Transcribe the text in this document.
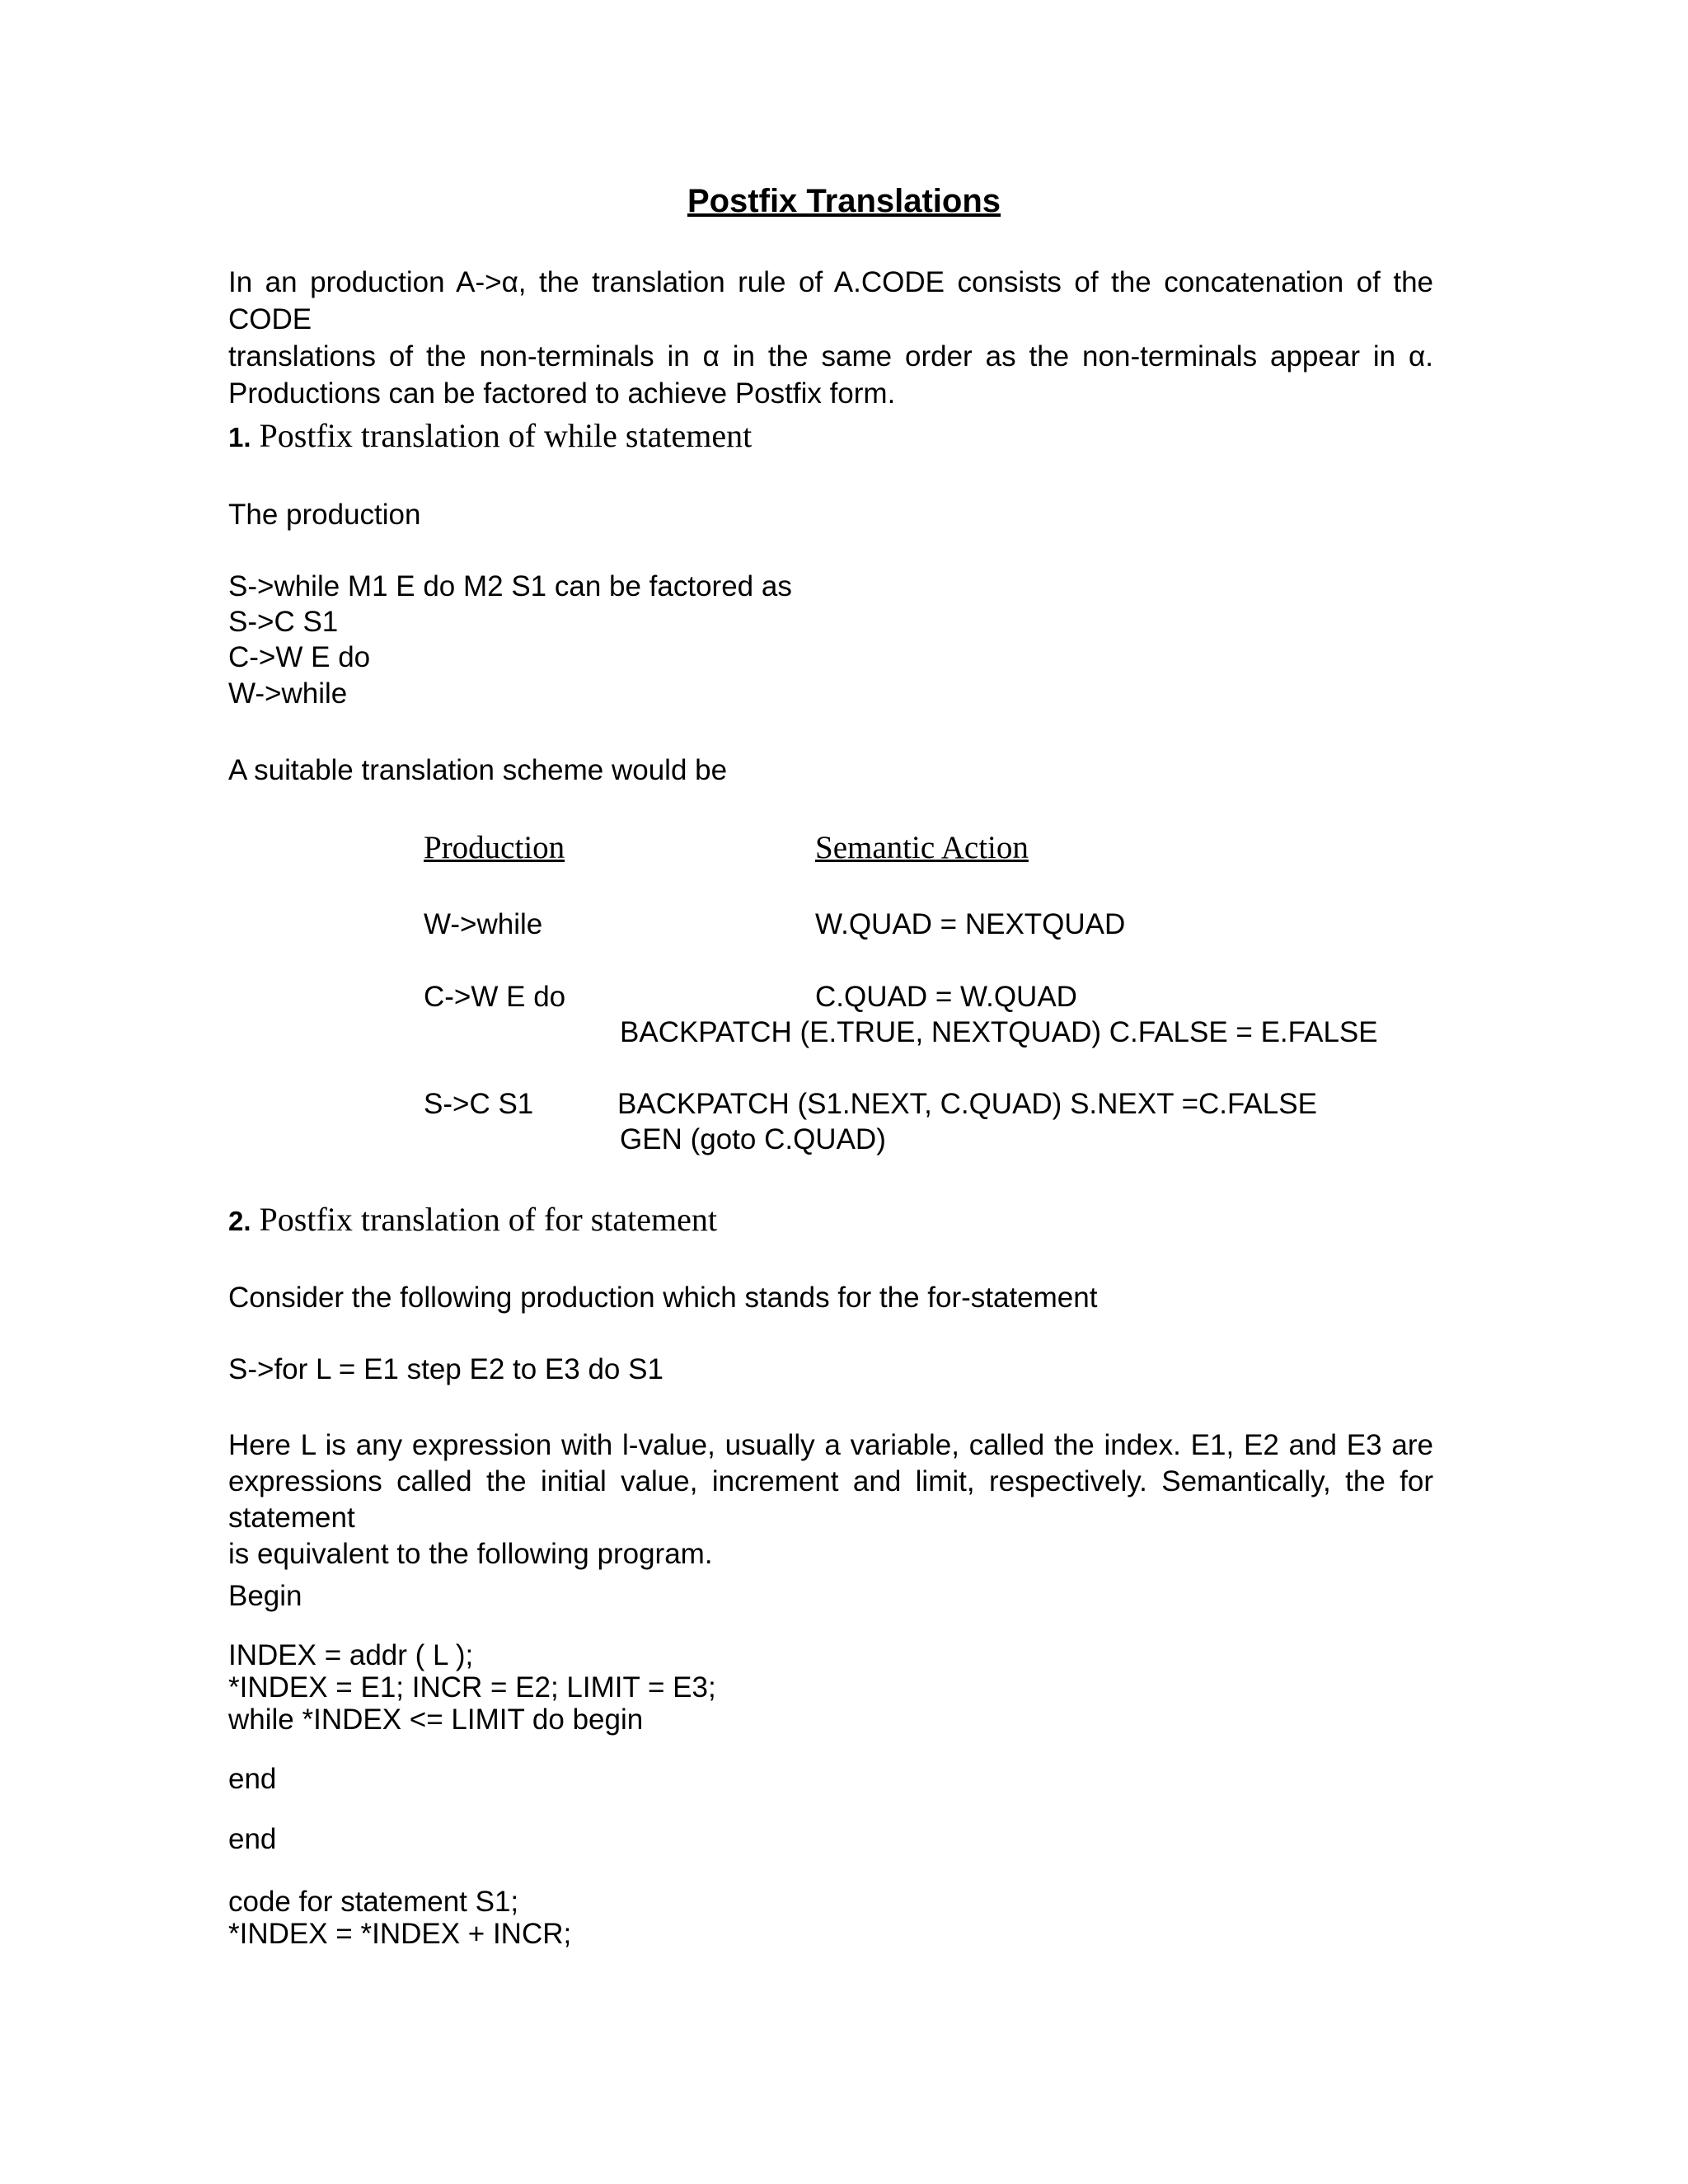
Postfix Translations
In an production A->α, the translation rule of A.CODE consists of the concatenation of the CODE
translations of the non-terminals in α in the same order as the non-terminals appear in α.
Productions can be factored to achieve Postfix form.
1. Postfix translation of while statement
The production
S->while M1 E do M2 S1 can be factored as
S->C S1
C->W E do
W->while
A suitable translation scheme would be
Production	Semantic Action
W->while	W.QUAD = NEXTQUAD
C->W E do	C.QUAD = W.QUAD
BACKPATCH (E.TRUE, NEXTQUAD) C.FALSE = E.FALSE
S->C S1	BACKPATCH (S1.NEXT, C.QUAD) S.NEXT =C.FALSE
GEN (goto C.QUAD)
2. Postfix translation of for statement
Consider the following production which stands for the for-statement
S->for L = E1 step E2 to E3 do S1
Here L is any expression with l-value, usually a variable, called the index. E1, E2 and E3 are
expressions called the initial value, increment and limit, respectively. Semantically, the for statement
is equivalent to the following program.
Begin
INDEX = addr ( L );
*INDEX = E1; INCR = E2; LIMIT = E3;
while *INDEX <= LIMIT do begin
end
end
code for statement S1;
*INDEX = *INDEX + INCR;
